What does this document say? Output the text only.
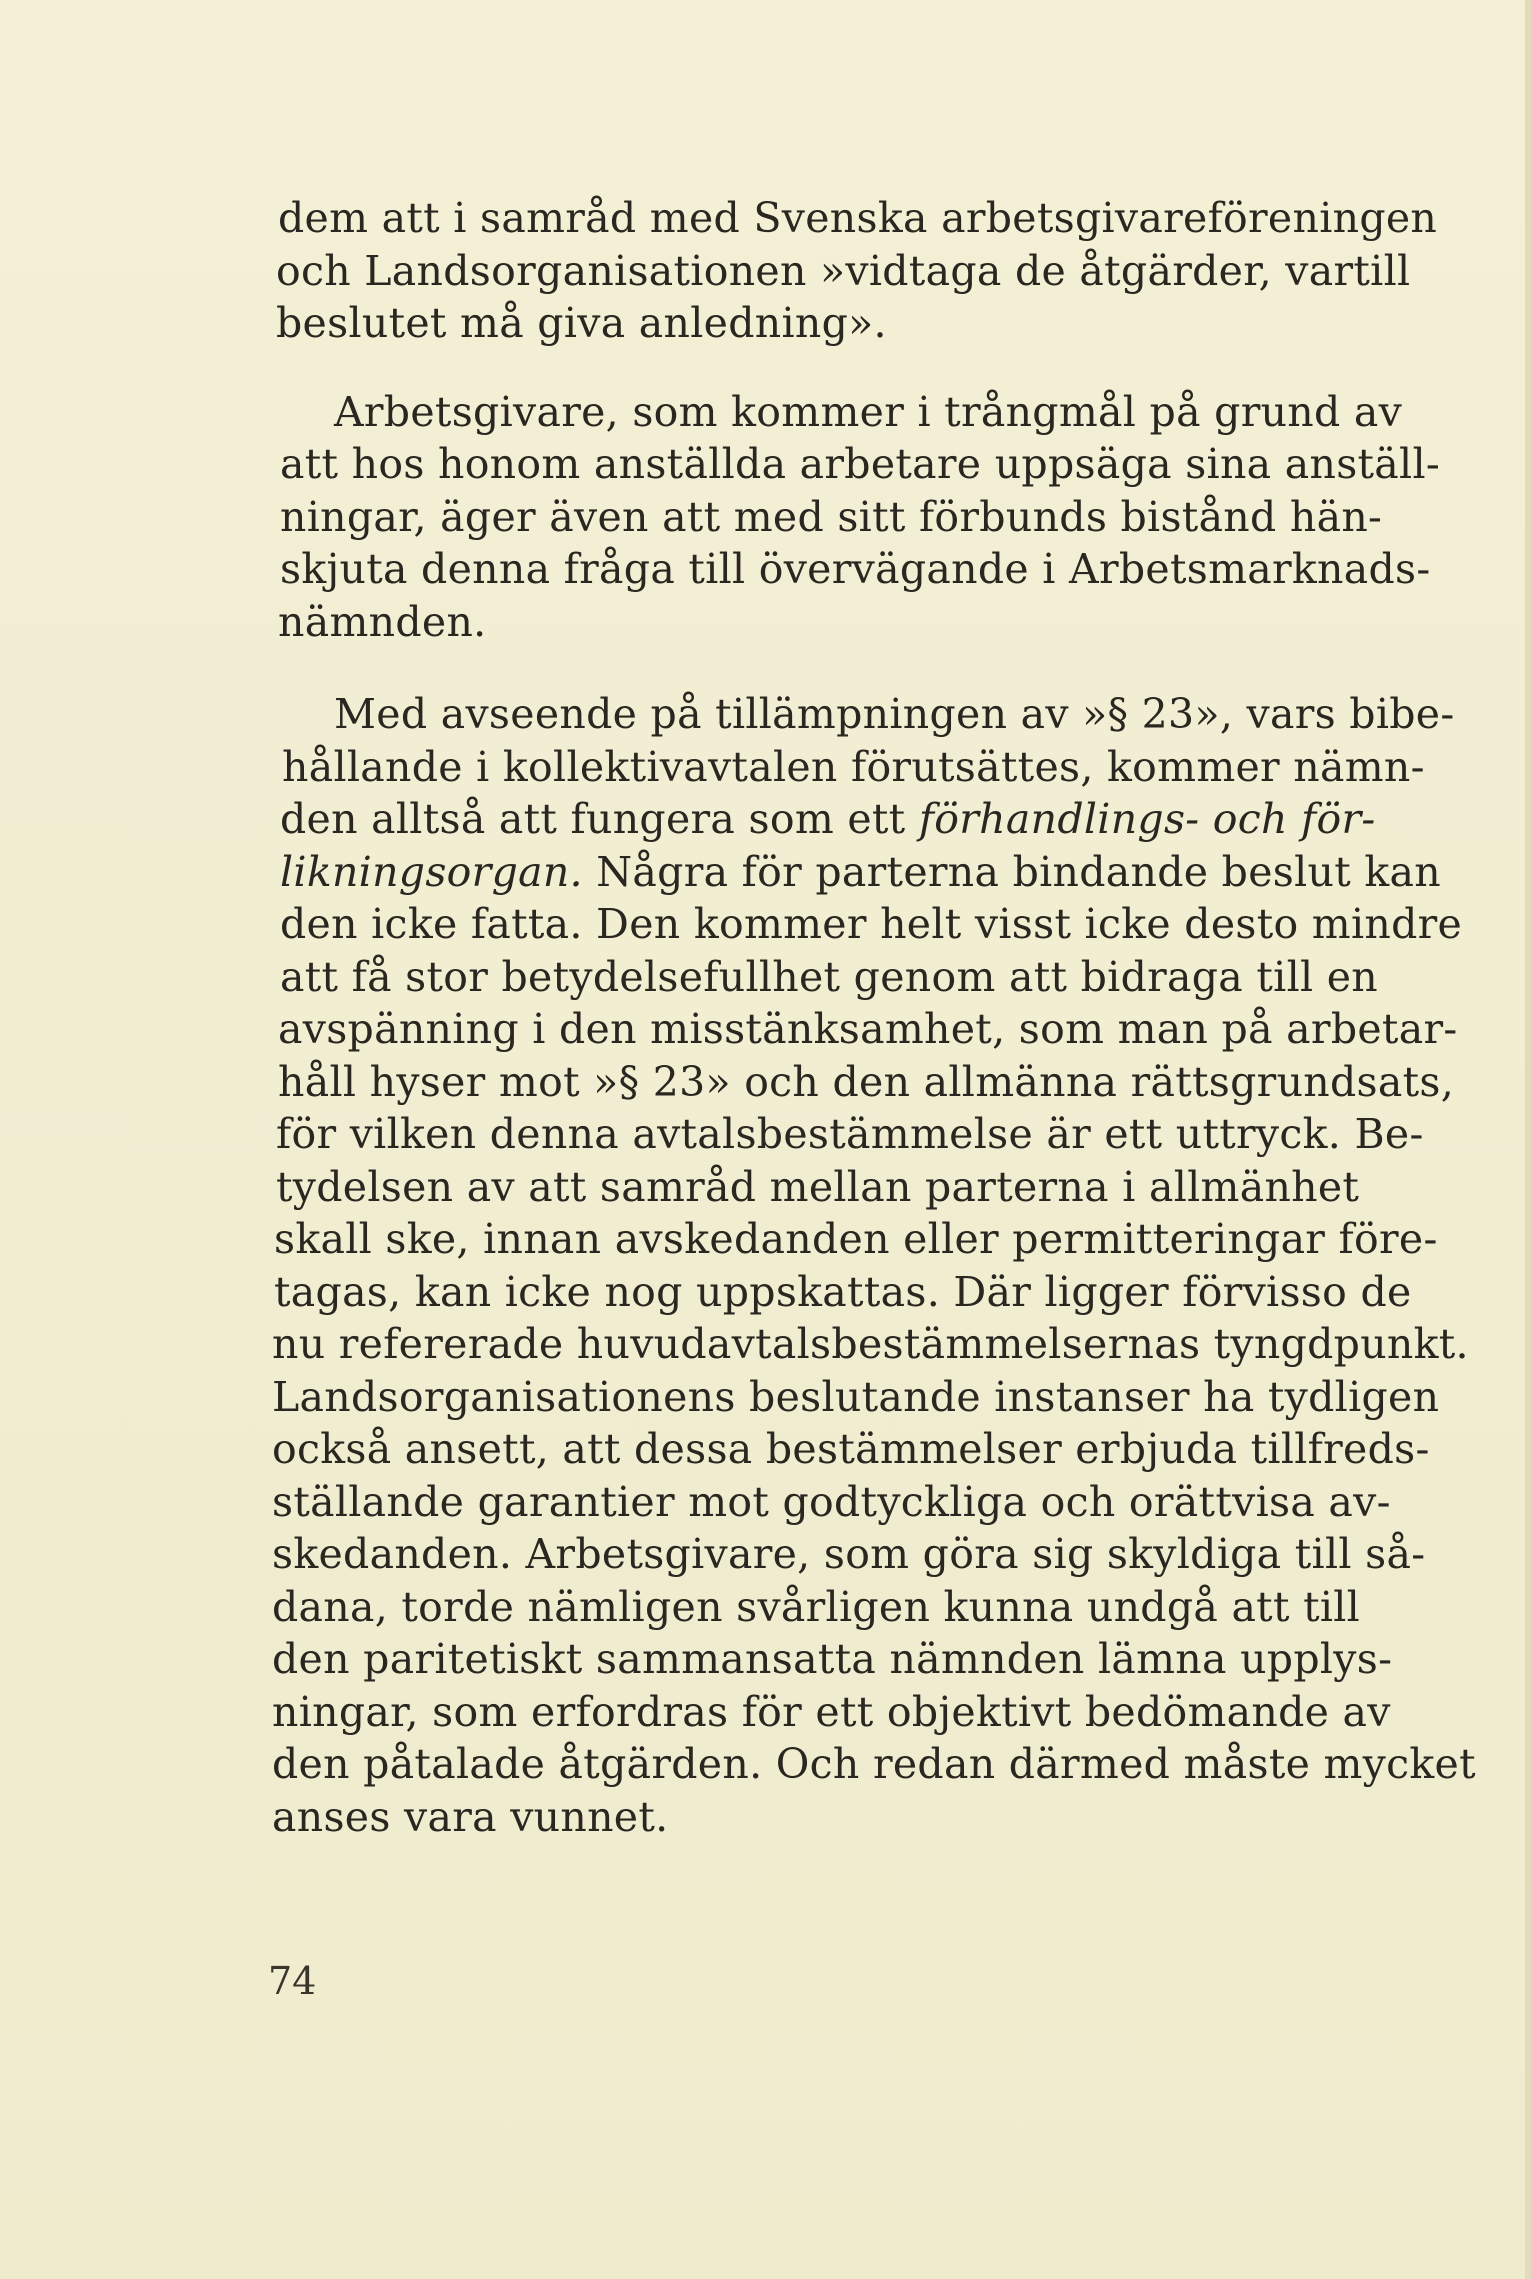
dem att i samråd med Svenska arbetsgivareföreningen
och Landsorganisationen »vidtaga de åtgärder, vartill
beslutet må giva anledning».
Arbetsgivare, som kommer i trångmål på grund av
att hos honom anställda arbetare uppsäga sina anställ-
ningar, äger även att med sitt förbunds bistånd hän-
skjuta denna fråga till övervägande i Arbetsmarknads-
nämnden.
Med avseende på tillämpningen av »§ 23», vars bibe-
hållande i kollektivavtalen förutsättes, kommer nämn-
den alltså att fungera som ett förhandlings- och för-
likningsorgan. Några för parterna bindande beslut kan
den icke fatta. Den kommer helt visst icke desto mindre
att få stor betydelsefullhet genom att bidraga till en
avspänning i den misstänksamhet, som man på arbetar-
håll hyser mot »§ 23» och den allmänna rättsgrundsats,
för vilken denna avtalsbestämmelse är ett uttryck. Be-
tydelsen av att samråd mellan parterna i allmänhet
skall ske, innan avskedanden eller permitteringar före-
tagas, kan icke nog uppskattas. Där ligger förvisso de
nu refererade huvudavtalsbestämmelsernas tyngdpunkt.
Landsorganisationens beslutande instanser ha tydligen
också ansett, att dessa bestämmelser erbjuda tillfreds-
ställande garantier mot godtyckliga och orättvisa av-
skedanden. Arbetsgivare, som göra sig skyldiga till så-
dana, torde nämligen svårligen kunna undgå att till
den paritetiskt sammansatta nämnden lämna upplys-
ningar, som erfordras för ett objektivt bedömande av
den påtalade åtgärden. Och redan därmed måste mycket
anses vara vunnet.
74
